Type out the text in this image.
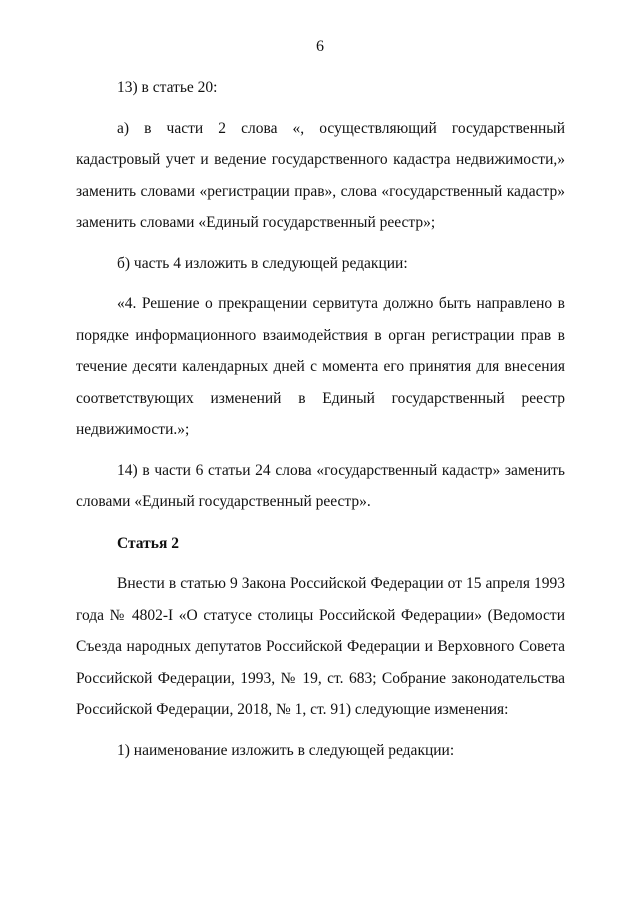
6

13) в статье 20:

а) в части 2 слова «, осуществляющий государственный кадастровый учет и ведение государственного кадастра недвижимости,» заменить словами «регистрации прав», слова «государственный кадастр» заменить словами «Единый государственный реестр»;

б) часть 4 изложить в следующей редакции:

«4. Решение о прекращении сервитута должно быть направлено в порядке информационного взаимодействия в орган регистрации прав в течение десяти календарных дней с момента его принятия для внесения соответствующих изменений в Единый государственный реестр недвижимости.»;

14) в части 6 статьи 24 слова «государственный кадастр» заменить словами «Единый государственный реестр».

Статья 2

Внести в статью 9 Закона Российской Федерации от 15 апреля 1993 года № 4802-I «О статусе столицы Российской Федерации» (Ведомости Съезда народных депутатов Российской Федерации и Верховного Совета Российской Федерации, 1993, № 19, ст. 683; Собрание законодательства Российской Федерации, 2018, № 1, ст. 91) следующие изменения:

1) наименование изложить в следующей редакции:
